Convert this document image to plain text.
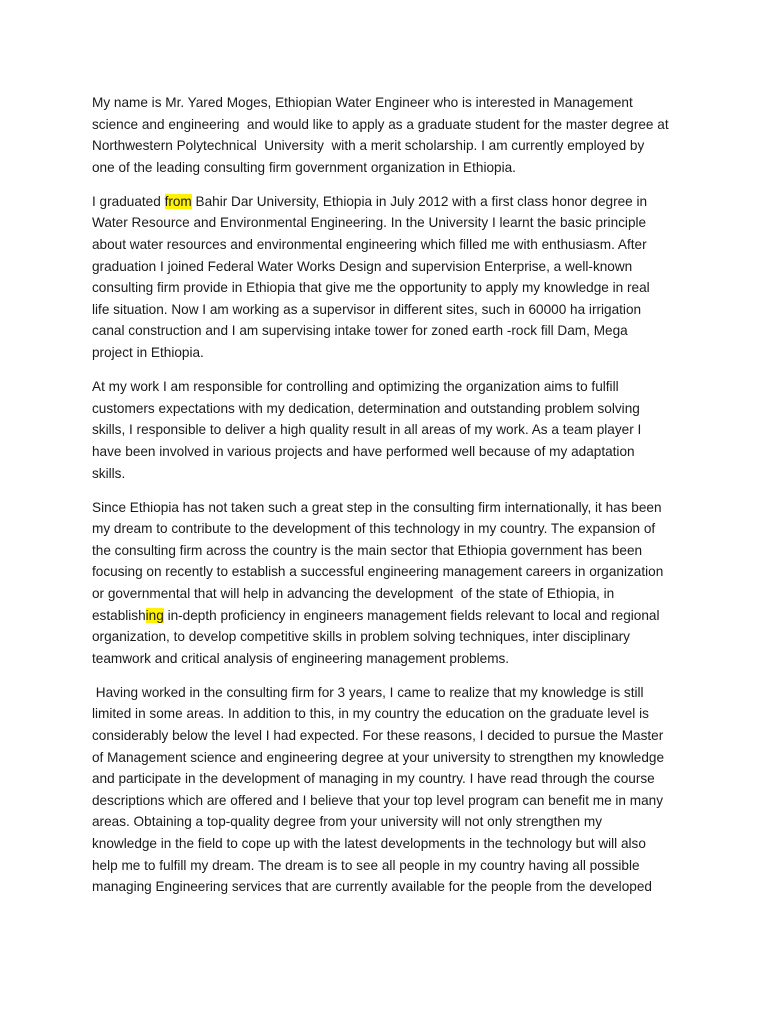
My name is Mr. Yared Moges, Ethiopian Water Engineer who is interested in Management
science and engineering  and would like to apply as a graduate student for the master degree at
Northwestern Polytechnical  University  with a merit scholarship. I am currently employed by
one of the leading consulting firm government organization in Ethiopia.

I graduated from Bahir Dar University, Ethiopia in July 2012 with a first class honor degree in
Water Resource and Environmental Engineering. In the University I learnt the basic principle
about water resources and environmental engineering which filled me with enthusiasm. After
graduation I joined Federal Water Works Design and supervision Enterprise, a well-known
consulting firm provide in Ethiopia that give me the opportunity to apply my knowledge in real
life situation. Now I am working as a supervisor in different sites, such in 60000 ha irrigation
canal construction and I am supervising intake tower for zoned earth -rock fill Dam, Mega
project in Ethiopia.

At my work I am responsible for controlling and optimizing the organization aims to fulfill
customers expectations with my dedication, determination and outstanding problem solving
skills, I responsible to deliver a high quality result in all areas of my work. As a team player I
have been involved in various projects and have performed well because of my adaptation
skills.

Since Ethiopia has not taken such a great step in the consulting firm internationally, it has been
my dream to contribute to the development of this technology in my country. The expansion of
the consulting firm across the country is the main sector that Ethiopia government has been
focusing on recently to establish a successful engineering management careers in organization
or governmental that will help in advancing the development  of the state of Ethiopia, in
establishing in-depth proficiency in engineers management fields relevant to local and regional
organization, to develop competitive skills in problem solving techniques, inter disciplinary
teamwork and critical analysis of engineering management problems.

Having worked in the consulting firm for 3 years, I came to realize that my knowledge is still
limited in some areas. In addition to this, in my country the education on the graduate level is
considerably below the level I had expected. For these reasons, I decided to pursue the Master
of Management science and engineering degree at your university to strengthen my knowledge
and participate in the development of managing in my country. I have read through the course
descriptions which are offered and I believe that your top level program can benefit me in many
areas. Obtaining a top-quality degree from your university will not only strengthen my
knowledge in the field to cope up with the latest developments in the technology but will also
help me to fulfill my dream. The dream is to see all people in my country having all possible
managing Engineering services that are currently available for the people from the developed
